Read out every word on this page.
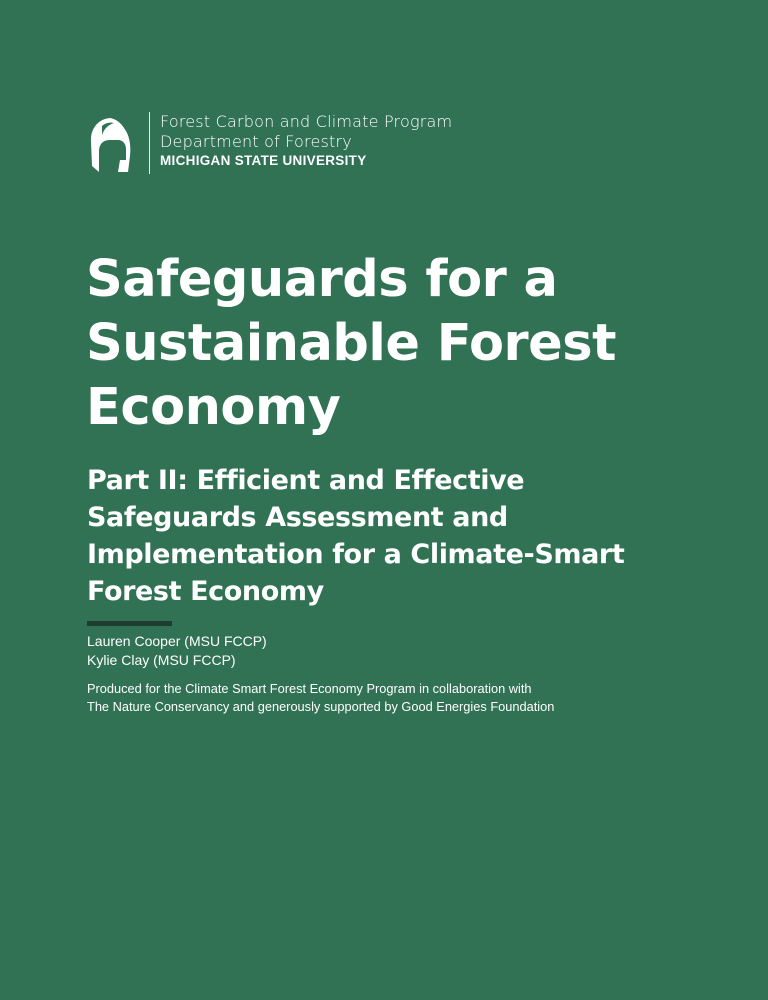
Forest Carbon and Climate Program
Department of Forestry
MICHIGAN STATE UNIVERSITY
Safeguards for a
Sustainable Forest
Economy
Part II: Efficient and Effective
Safeguards Assessment and
Implementation for a Climate-Smart
Forest Economy
Lauren Cooper (MSU FCCP)
Kylie Clay (MSU FCCP)
Produced for the Climate Smart Forest Economy Program in collaboration with
The Nature Conservancy and generously supported by Good Energies Foundation
